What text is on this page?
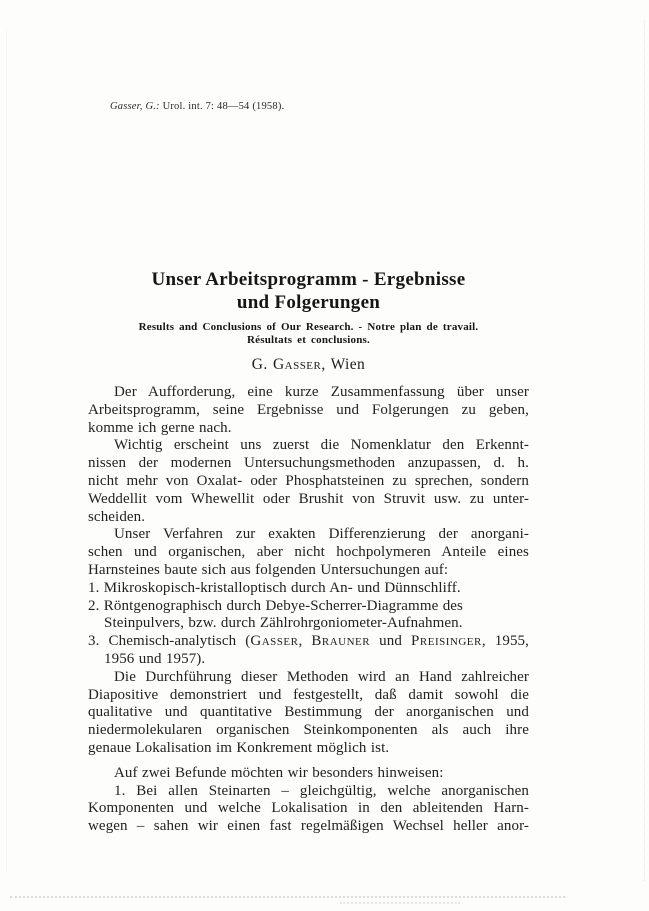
Gasser, G.: Urol. int. 7: 48—54 (1958).
Unser Arbeitsprogramm - Ergebnisse
und Folgerungen
Results and Conclusions of Our Research. - Notre plan de travail.
Résultats et conclusions.
G. Gasser, Wien
Der Aufforderung, eine kurze Zusammenfassung über unser
Arbeitsprogramm, seine Ergebnisse und Folgerungen zu geben,
komme ich gerne nach.
Wichtig erscheint uns zuerst die Nomenklatur den Erkennt-
nissen der modernen Untersuchungsmethoden anzupassen, d. h.
nicht mehr von Oxalat- oder Phosphatsteinen zu sprechen, sondern
Weddellit vom Whewellit oder Brushit von Struvit usw. zu unter-
scheiden.
Unser Verfahren zur exakten Differenzierung der anorgani-
schen und organischen, aber nicht hochpolymeren Anteile eines
Harnsteines baute sich aus folgenden Untersuchungen auf:
1. Mikroskopisch-kristalloptisch durch An- und Dünnschliff.
2. Röntgenographisch durch Debye-Scherrer-Diagramme des
Steinpulvers, bzw. durch Zählrohrgoniometer-Aufnahmen.
3. Chemisch-analytisch (Gasser, Brauner und Preisinger, 1955,
1956 und 1957).
Die Durchführung dieser Methoden wird an Hand zahlreicher
Diapositive demonstriert und festgestellt, daß damit sowohl die
qualitative und quantitative Bestimmung der anorganischen und
niedermolekularen organischen Steinkomponenten als auch ihre
genaue Lokalisation im Konkrement möglich ist.
Auf zwei Befunde möchten wir besonders hinweisen:
1. Bei allen Steinarten – gleichgültig, welche anorganischen
Komponenten und welche Lokalisation in den ableitenden Harn-
wegen – sahen wir einen fast regelmäßigen Wechsel heller anor-
